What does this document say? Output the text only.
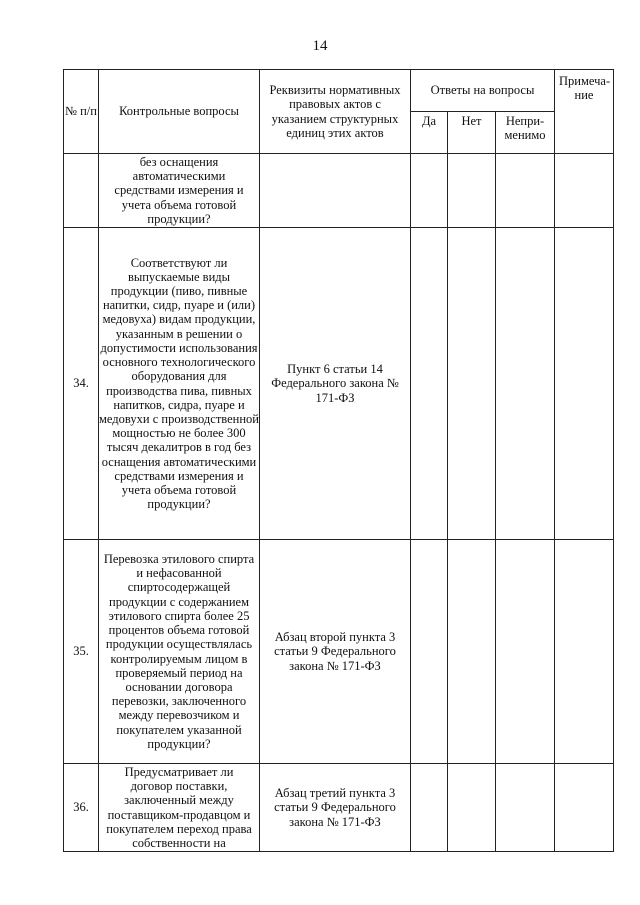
14
№ п/п	Контрольные вопросы	Реквизиты нормативных правовых актов с указанием структурных единиц этих актов	Ответы на вопросы			Примеча-ние
			Да	Нет	Непри-менимо	
	без оснащения автоматическими средствами измерения и учета объема готовой продукции?					
34.	Соответствуют ли выпускаемые виды продукции (пиво, пивные напитки, сидр, пуаре и (или) медовуха) видам продукции, указанным в решении о допустимости использования основного технологического оборудования для производства пива, пивных напитков, сидра, пуаре и медовухи с производственной мощностью не более 300 тысяч декалитров в год без оснащения автоматическими средствами измерения и учета объема готовой продукции?	Пункт 6 статьи 14 Федерального закона № 171-ФЗ				
35.	Перевозка этилового спирта и нефасованной спиртосодержащей продукции с содержанием этилового спирта более 25 процентов объема готовой продукции осуществлялась контролируемым лицом в проверяемый период на основании договора перевозки, заключенного между перевозчиком и покупателем указанной продукции?	Абзац второй пункта 3 статьи 9 Федерального закона № 171-ФЗ				
36.	Предусматривает ли договор поставки, заключенный между поставщиком-продавцом и покупателем переход права собственности на	Абзац третий пункта 3 статьи 9 Федерального закона № 171-ФЗ				
